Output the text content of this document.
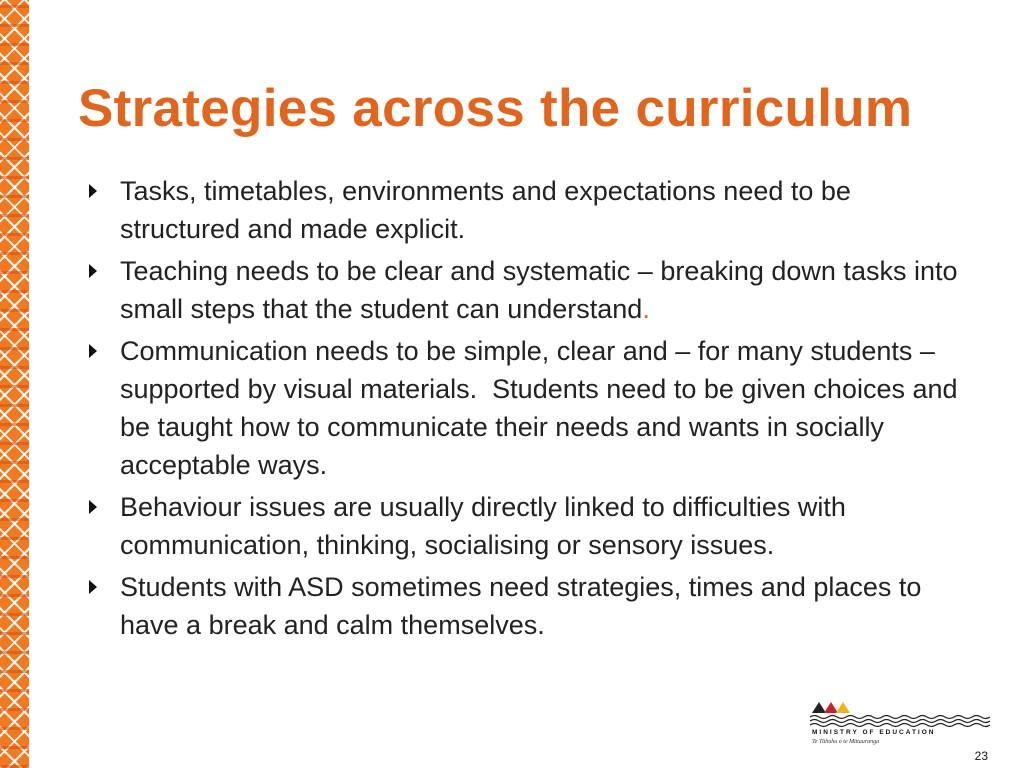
Strategies across the curriculum
Tasks, timetables, environments and expectations need to be structured and made explicit.
Teaching needs to be clear and systematic – breaking down tasks into small steps that the student can understand.
Communication needs to be simple, clear and – for many students – supported by visual materials.  Students need to be given choices and be taught how to communicate their needs and wants in socially acceptable ways.
Behaviour issues are usually directly linked to difficulties with communication, thinking, socialising or sensory issues.
Students with ASD sometimes need strategies, times and places to have a break and calm themselves.
MINISTRY OF EDUCATION
Te Tāhuhu o te Mātauranga
23
